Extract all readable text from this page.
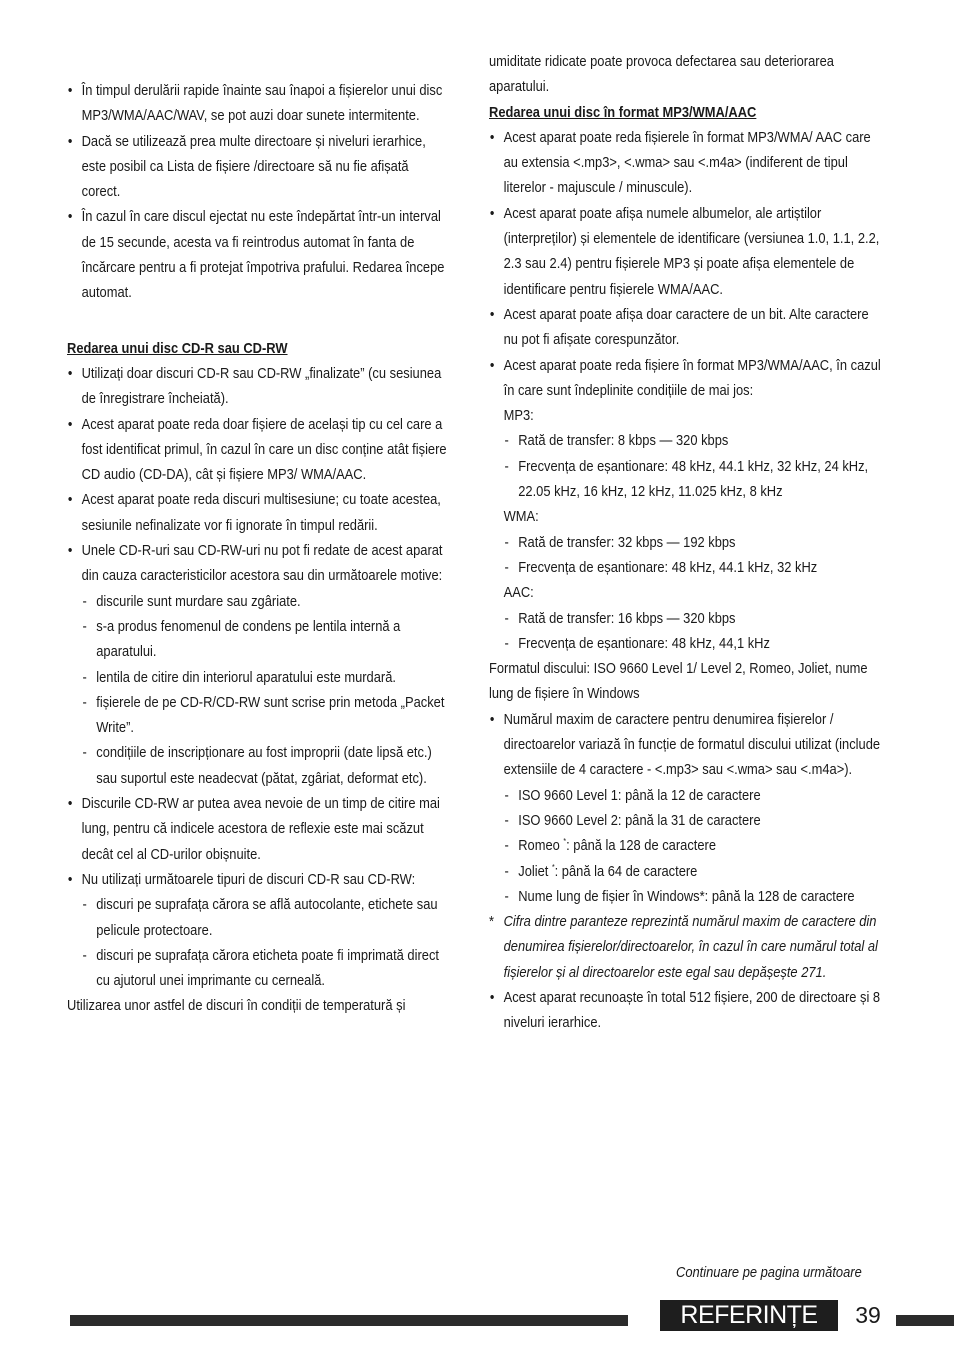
• În timpul derulării rapide înainte sau înapoi a fișierelor unui disc MP3/WMA/AAC/WAV, se pot auzi doar sunete intermitente.
• Dacă se utilizează prea multe directoare și niveluri ierarhice, este posibil ca Lista de fișiere /directoare să nu fie afișată corect.
• În cazul în care discul ejectat nu este îndepărtat într-un interval de 15 secunde, acesta va fi reintrodus automat în fanta de încărcare pentru a fi protejat împotriva prafului. Redarea începe automat.
Redarea unui disc CD-R sau CD-RW
• Utilizați doar discuri CD-R sau CD-RW „finalizate” (cu sesiunea de înregistrare încheiată).
• Acest aparat poate reda doar fișiere de același tip cu cel care a fost identificat primul, în cazul în care un disc conține atât fișiere CD audio (CD-DA), cât și fișiere MP3/ WMA/AAC.
• Acest aparat poate reda discuri multisesiune; cu toate acestea, sesiunile nefinalizate vor fi ignorate în timpul redării.
• Unele CD-R-uri sau CD-RW-uri nu pot fi redate de acest aparat din cauza caracteristicilor acestora sau din următoarele motive:
- discurile sunt murdare sau zgâriate.
- s-a produs fenomenul de condens pe lentila internă a aparatului.
- lentila de citire din interiorul aparatului este murdară.
- fișierele de pe CD-R/CD-RW sunt scrise prin metoda „Packet Write”.
- condițiile de inscripționare au fost improprii (date lipsă etc.) sau suportul este neadecvat (pătat, zgâriat, deformat etc).
• Discurile CD-RW ar putea avea nevoie de un timp de citire mai lung, pentru că indicele acestora de reflexie este mai scăzut decât cel al CD-urilor obișnuite.
• Nu utilizați următoarele tipuri de discuri CD-R sau CD-RW:
- discuri pe suprafața cărora se află autocolante, etichete sau pelicule protectoare.
- discuri pe suprafața cărora eticheta poate fi imprimată direct cu ajutorul unei imprimante cu cerneală.
Utilizarea unor astfel de discuri în condiții de temperatură și
umiditate ridicate poate provoca defectarea sau deteriorarea aparatului.
Redarea unui disc în format MP3/WMA/AAC
• Acest aparat poate reda fișierele în format MP3/WMA/ AAC care au extensia <.mp3>, <.wma> sau <.m4a> (indiferent de tipul literelor - majuscule / minuscule).
• Acest aparat poate afișa numele albumelor, ale artiștilor (interpreților) și elementele de identificare (versiunea 1.0, 1.1, 2.2, 2.3 sau 2.4) pentru fișierele MP3 și poate afișa elementele de identificare pentru fișierele WMA/AAC.
• Acest aparat poate afișa doar caractere de un bit. Alte caractere nu pot fi afișate corespunzător.
• Acest aparat poate reda fișiere în format MP3/WMA/AAC, în cazul în care sunt îndeplinite condițiile de mai jos:
MP3:
- Rată de transfer: 8 kbps — 320 kbps
- Frecvența de eșantionare: 48 kHz, 44.1 kHz, 32 kHz, 24 kHz, 22.05 kHz, 16 kHz, 12 kHz, 11.025 kHz, 8 kHz
WMA:
- Rată de transfer: 32 kbps — 192 kbps
- Frecvența de eșantionare: 48 kHz, 44.1 kHz, 32 kHz
AAC:
- Rată de transfer: 16 kbps — 320 kbps
- Frecvența de eșantionare: 48 kHz, 44,1 kHz
Formatul discului: ISO 9660 Level 1/ Level 2, Romeo, Joliet, nume lung de fișiere în Windows
• Numărul maxim de caractere pentru denumirea fișierelor / directoarelor variază în funcție de formatul discului utilizat (include extensiile de 4 caractere - <.mp3> sau <.wma> sau <.m4a>).
- ISO 9660 Level 1: până la 12 de caractere
- ISO 9660 Level 2: până la 31 de caractere
- Romeo *: până la 128 de caractere
- Joliet *: până la 64 de caractere
- Nume lung de fișier în Windows*: până la 128 de caractere
* Cifra dintre paranteze reprezintă numărul maxim de caractere din denumirea fișierelor/directoarelor, în cazul în care numărul total al fișierelor și al directoarelor este egal sau depășește 271.
• Acest aparat recunoaște în total 512 fișiere, 200 de directoare și 8 niveluri ierarhice.
Continuare pe pagina următoare
REFERINȚE	39
